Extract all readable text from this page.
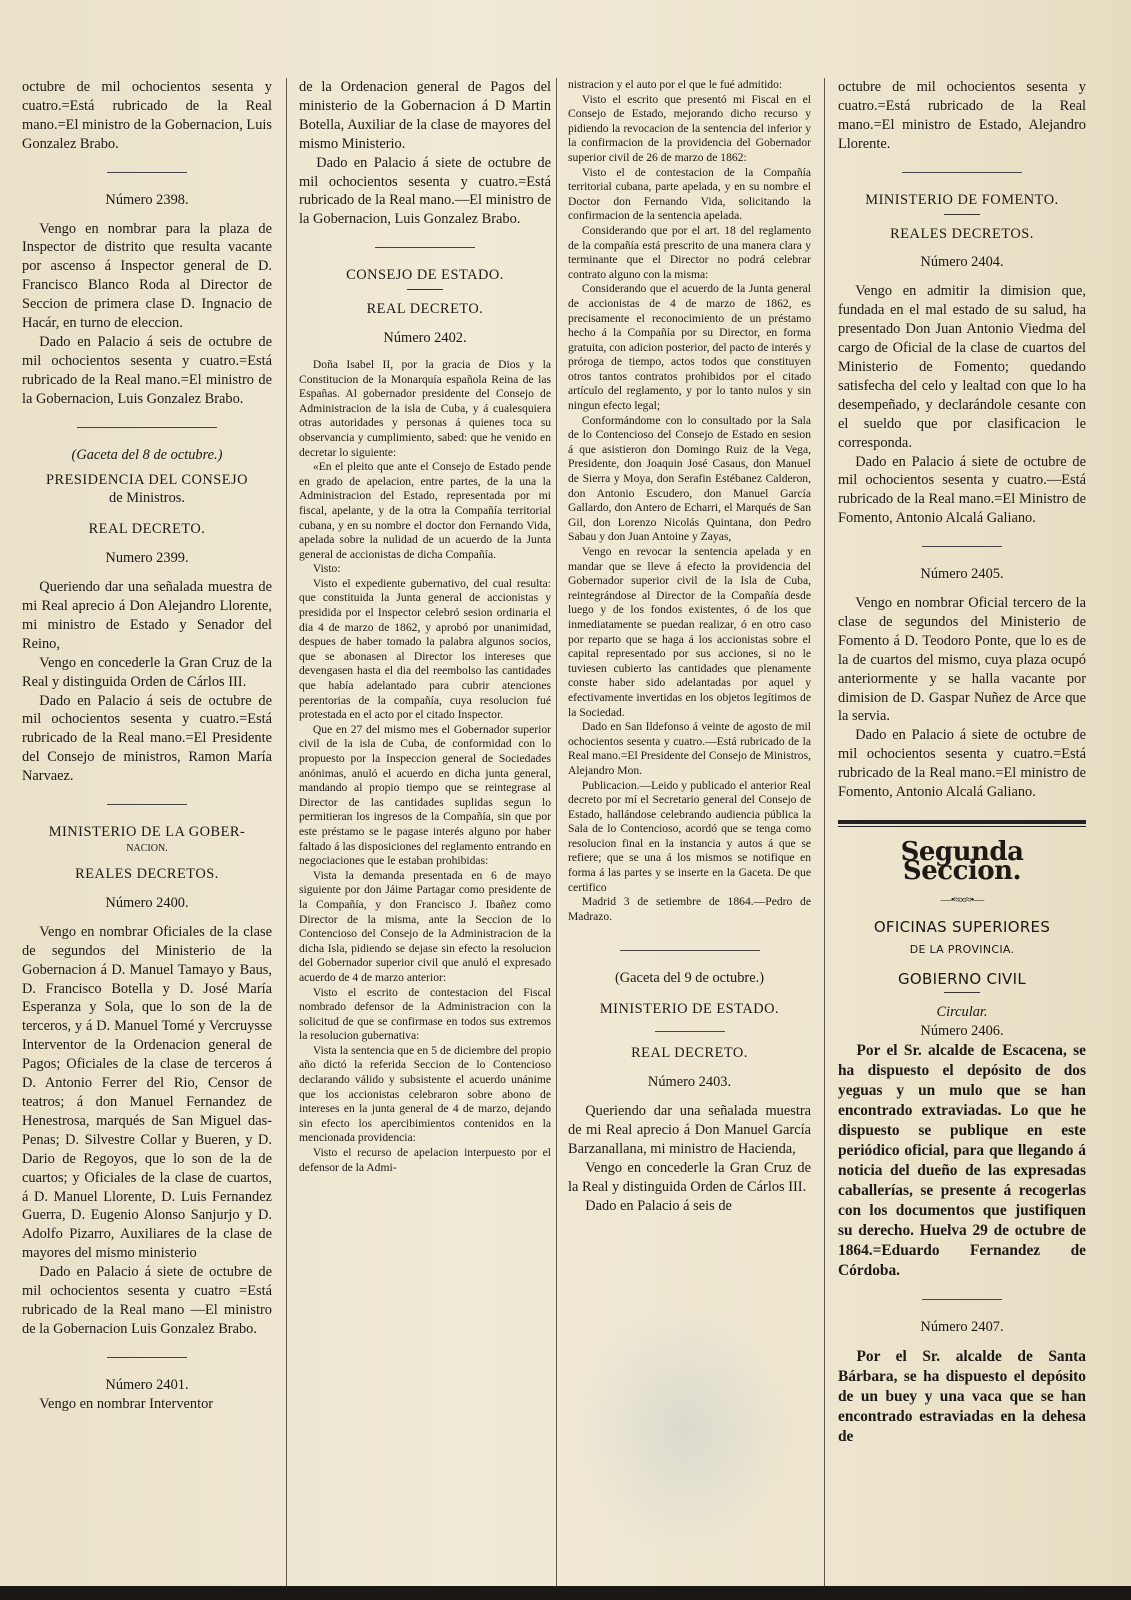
octubre de mil ochocientos sesenta y cuatro.=Está rubricado de la Real mano.=El ministro de la Gobernacion, Luis Gonzalez Brabo.

Número 2398.

Vengo en nombrar para la plaza de Inspector de distrito que resulta vacante por ascenso á Inspector general de D. Francisco Blanco Roda al Director de Seccion de primera clase D. Ingnacio de Hacár, en turno de eleccion.

Dado en Palacio á seis de octubre de mil ochocientos sesenta y cuatro.=Está rubricado de la Real mano.=El ministro de la Gobernacion, Luis Gonzalez Brabo.

(Gaceta del 8 de octubre.)

PRESIDENCIA DEL CONSEJO

de Ministros.

REAL DECRETO.

Numero 2399.

Queriendo dar una señalada muestra de mi Real aprecio á Don Alejandro Llorente, mi ministro de Estado y Senador del Reino,

Vengo en concederle la Gran Cruz de la Real y distinguida Orden de Cárlos III.

Dado en Palacio á seis de octubre de mil ochocientos sesenta y cuatro.=Está rubricado de la Real mano.=El Presidente del Consejo de ministros, Ramon María Narvaez.

MINISTERIO DE LA GOBER-

NACION.

REALES DECRETOS.

Número 2400.

Vengo en nombrar Oficiales de la clase de segundos del Ministerio de la Gobernacion á D. Manuel Tamayo y Baus, D. Francisco Botella y D. José María Esperanza y Sola, que lo son de la de terceros, y á D. Manuel Tomé y Vercruysse Interventor de la Ordenacion general de Pagos; Oficiales de la clase de terceros á D. Antonio Ferrer del Rio, Censor de teatros; á don Manuel Fernandez de Henestrosa, marqués de San Miguel das-Penas; D. Silvestre Collar y Bueren, y D. Dario de Regoyos, que lo son de la de cuartos; y Oficiales de la clase de cuartos, á D. Manuel Llorente, D. Luis Fernandez Guerra, D. Eugenio Alonso Sanjurjo y D. Adolfo Pizarro, Auxiliares de la clase de mayores del mismo ministerio

Dado en Palacio á siete de octubre de mil ochocientos sesenta y cuatro =Está rubricado de la Real mano —El ministro de la Gobernacion Luis Gonzalez Brabo.

Número 2401.

Vengo en nombrar Interventor

de la Ordenacion general de Pagos del ministerio de la Gobernacion á D Martin Botella, Auxiliar de la clase de mayores del mismo Ministerio.

Dado en Palacio á siete de octubre de mil ochocientos sesenta y cuatro.=Está rubricado de la Real mano.—El ministro de la Gobernacion, Luis Gonzalez Brabo.

CONSEJO DE ESTADO.

REAL DECRETO.

Número 2402.

Doña Isabel II, por la gracia de Dios y la Constitucion de la Monarquía española Reina de las Españas. Al gobernador presidente del Consejo de Administracion de la isla de Cuba, y á cualesquiera otras autoridades y personas á quienes toca su observancia y cumplimiento, sabed: que he venido en decretar lo siguiente:

«En el pleito que ante el Consejo de Estado pende en grado de apelacion, entre partes, de la una la Administracion del Estado, representada por mi fiscal, apelante, y de la otra la Compañía territorial cubana, y en su nombre el doctor don Fernando Vida, apelada sobre la nulidad de un acuerdo de la Junta general de accionistas de dicha Compañía.

Visto:

Visto el expediente gubernativo, del cual resulta: que constituida la Junta general de accionistas y presidida por el Inspector celebró sesion ordinaria el dia 4 de marzo de 1862, y aprobó por unanimidad, despues de haber tomado la palabra algunos socios, que se abonasen al Director los intereses que devengasen hasta el dia del reembolso las cantidades que había adelantado para cubrir atenciones perentorias de la compañía, cuya resolucion fué protestada en el acto por el citado Inspector.

Que en 27 del mismo mes el Gobernador superior civil de la isla de Cuba, de conformidad con lo propuesto por la Inspeccion general de Sociedades anónimas, anuló el acuerdo en dicha junta general, mandando al propio tiempo que se reintegrase al Director de las cantidades suplidas segun lo permitieran los ingresos de la Compañía, sin que por este préstamo se le pagase interés alguno por haber faltado á las disposiciones del reglamento entrando en negociaciones que le estaban prohibidas:

Vista la demanda presentada en 6 de mayo siguiente por don Jáime Partagar como presidente de la Compañía, y don Francisco J. Ibañez como Director de la misma, ante la Seccion de lo Contencioso del Consejo de la Administracion de la dicha Isla, pidiendo se dejase sin efecto la resolucion del Gobernador superior civil que anuló el expresado acuerdo de 4 de marzo anterior:

Visto el escrito de contestacion del Fiscal nombrado defensor de la Administracion con la solicitud de que se confirmase en todos sus extremos la resolucion gubernativa:

Vista la sentencia que en 5 de diciembre del propio año dictó la referida Seccion de lo Contencioso declarando válido y subsistente el acuerdo unánime que los accionistas celebraron sobre abono de intereses en la junta general de 4 de marzo, dejando sin efecto los apercibimientos contenidos en la mencionada providencia:

Visto el recurso de apelacion interpuesto por el defensor de la Admi-

nistracion y el auto por el que le fué admitido:

Visto el escrito que presentó mi Fiscal en el Consejo de Estado, mejorando dicho recurso y pidiendo la revocacion de la sentencia del inferior y la confirmacion de la providencia del Gobernador superior civil de 26 de marzo de 1862:

Visto el de contestacion de la Compañía territorial cubana, parte apelada, y en su nombre el Doctor don Fernando Vida, solicitando la confirmacion de la sentencia apelada.

Considerando que por el art. 18 del reglamento de la compañía está prescrito de una manera clara y terminante que el Director no podrá celebrar contrato alguno con la misma:

Considerando que el acuerdo de la Junta general de accionistas de 4 de marzo de 1862, es precisamente el reconocimiento de un préstamo hecho á la Compañía por su Director, en forma gratuita, con adicion posterior, del pacto de interés y próroga de tiempo, actos todos que constituyen otros tantos contratos prohibidos por el citado artículo del reglamento, y por lo tanto nulos y sin ningun efecto legal;

Conformándome con lo consultado por la Sala de lo Contencioso del Consejo de Estado en sesion á que asistieron don Domingo Ruiz de la Vega, Presidente, don Joaquin José Casaus, don Manuel de Sierra y Moya, don Serafin Estébanez Calderon, don Antonio Escudero, don Manuel García Gallardo, don Antero de Echarri, el Marqués de San Gil, don Lorenzo Nicolás Quintana, don Pedro Sabau y don Juan Antoine y Zayas,

Vengo en revocar la sentencia apelada y en mandar que se lleve á efecto la providencia del Gobernador superior civil de la Isla de Cuba, reintegrándose al Director de la Compañía desde luego y de los fondos existentes, ó de los que inmediatamente se puedan realizar, ó en otro caso por reparto que se haga á los accionistas sobre el capital representado por sus acciones, si no le tuviesen cubierto las cantidades que plenamente conste haber sido adelantadas por aquel y efectivamente invertidas en los objetos legítimos de la Sociedad.

Dado en San Ildefonso á veinte de agosto de mil ochocientos sesenta y cuatro.—Está rubricado de la Real mano.=El Presidente del Consejo de Ministros, Alejandro Mon.

Publicacion.—Leido y publicado el anterior Real decreto por mí el Secretario general del Consejo de Estado, hallándose celebrando audiencia pública la Sala de lo Contencioso, acordó que se tenga como resolucion final en la instancia y autos á que se refiere; que se una á los mismos se notifique en forma á las partes y se inserte en la Gaceta. De que certifico

Madrid 3 de setiembre de 1864.—Pedro de Madrazo.

(Gaceta del 9 de octubre.)

MINISTERIO DE ESTADO.

REAL DECRETO.

Número 2403.

Queriendo dar una señalada muestra de mi Real aprecio á Don Manuel García Barzanallana, mi ministro de Hacienda,

Vengo en concederle la Gran Cruz de la Real y distinguida Orden de Cárlos III.

Dado en Palacio á seis de

octubre de mil ochocientos sesenta y cuatro.=Está rubricado de la Real mano.=El ministro de Estado, Alejandro Llorente.

MINISTERIO DE FOMENTO.

REALES DECRETOS.

Número 2404.

Vengo en admitir la dimision que, fundada en el mal estado de su salud, ha presentado Don Juan Antonio Viedma del cargo de Oficial de la clase de cuartos del Ministerio de Fomento; quedando satisfecha del celo y lealtad con que lo ha desempeñado, y declarándole cesante con el sueldo que por clasificacion le corresponda.

Dado en Palacio á siete de octubre de mil ochocientos sesenta y cuatro.—Está rubricado de la Real mano.=El Ministro de Fomento, Antonio Alcalá Galiano.

Número 2405.

Vengo en nombrar Oficial tercero de la clase de segundos del Ministerio de Fomento á D. Teodoro Ponte, que lo es de la de cuartos del mismo, cuya plaza ocupó anteriormente y se halla vacante por dimision de D. Gaspar Nuñez de Arce que la servia.

Dado en Palacio á siete de octubre de mil ochocientos sesenta y cuatro.=Está rubricado de la Real mano.=El ministro de Fomento, Antonio Alcalá Galiano.

Segunda Seccion.

—•≈∞≈•—

OFICINAS SUPERIORES

DE LA PROVINCIA.

GOBIERNO CIVIL

Circular.

Número 2406.

Por el Sr. alcalde de Escacena, se ha dispuesto el depósito de dos yeguas y un mulo que se han encontrado extraviadas. Lo que he dispuesto se publique en este periódico oficial, para que llegando á noticia del dueño de las expresadas caballerías, se presente á recogerlas con los documentos que justifiquen su derecho. Huelva 29 de octubre de 1864.=Eduardo Fernandez de Córdoba.

Número 2407.

Por el Sr. alcalde de Santa Bárbara, se ha dispuesto el depósito de un buey y una vaca que se han encontrado estraviadas en la dehesa de
